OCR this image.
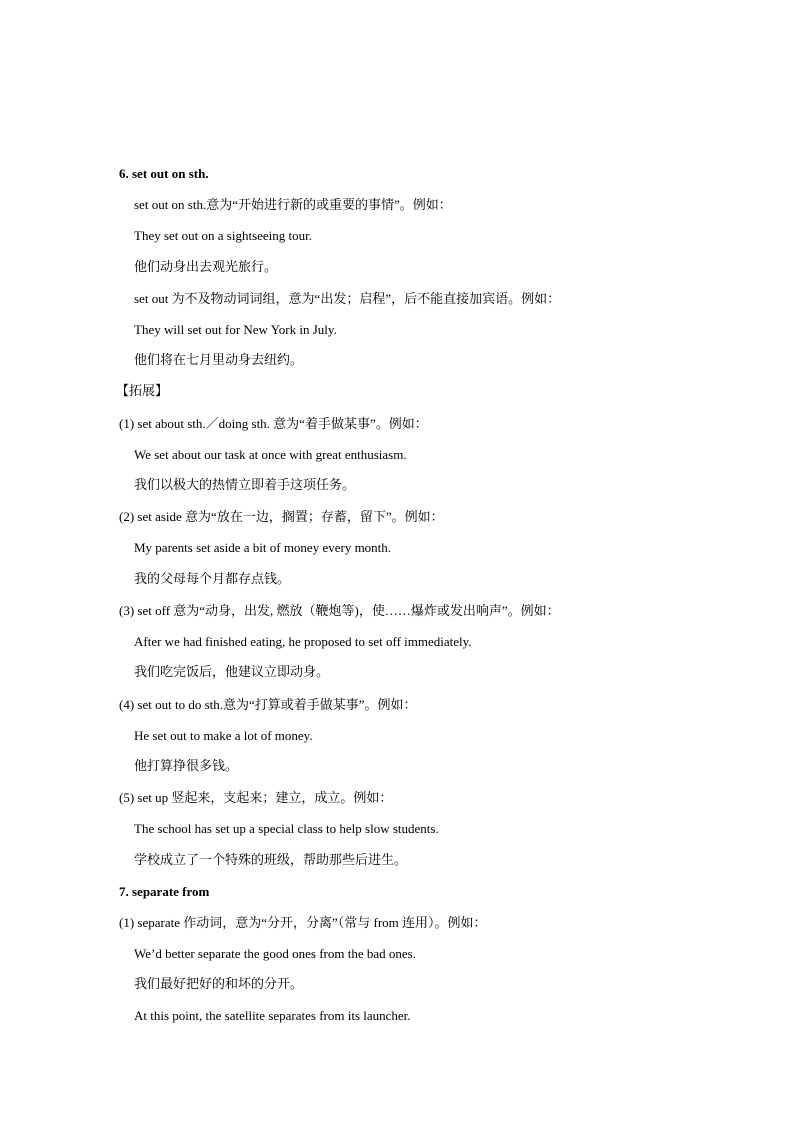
6. set out on sth.
set out on sth.意为“开始进行新的或重要的事情”。例如：
They set out on a sightseeing tour.
他们动身出去观光旅行。
set out 为不及物动词词组，意为“出发；启程”，后不能直接加宾语。例如：
They will set out for New York in July.
他们将在七月里动身去纽约。
【拓展】
(1) set about sth.／doing sth. 意为“着手做某事”。例如：
We set about our task at once with great enthusiasm.
我们以极大的热情立即着手这项任务。
(2) set aside 意为“放在一边，搁置；存蓄，留下”。例如：
My parents set aside a bit of money every month.
我的父母每个月都存点钱。
(3) set off 意为“动身，出发, 燃放（鞭炮等)，使……爆炸或发出响声”。例如：
After we had finished eating, he proposed to set off immediately.
我们吃完饭后，他建议立即动身。
(4) set out to do sth.意为“打算或着手做某事”。例如：
He set out to make a lot of money.
他打算挣很多钱。
(5) set up 竖起来，支起来；建立，成立。例如：
The school has set up a special class to help slow students.
学校成立了一个特殊的班级，帮助那些后进生。
7. separate from
(1) separate 作动词，意为“分开，分离”（常与 from 连用）。例如：
We’d better separate the good ones from the bad ones.
我们最好把好的和坏的分开。
At this point, the satellite separates from its launcher.
